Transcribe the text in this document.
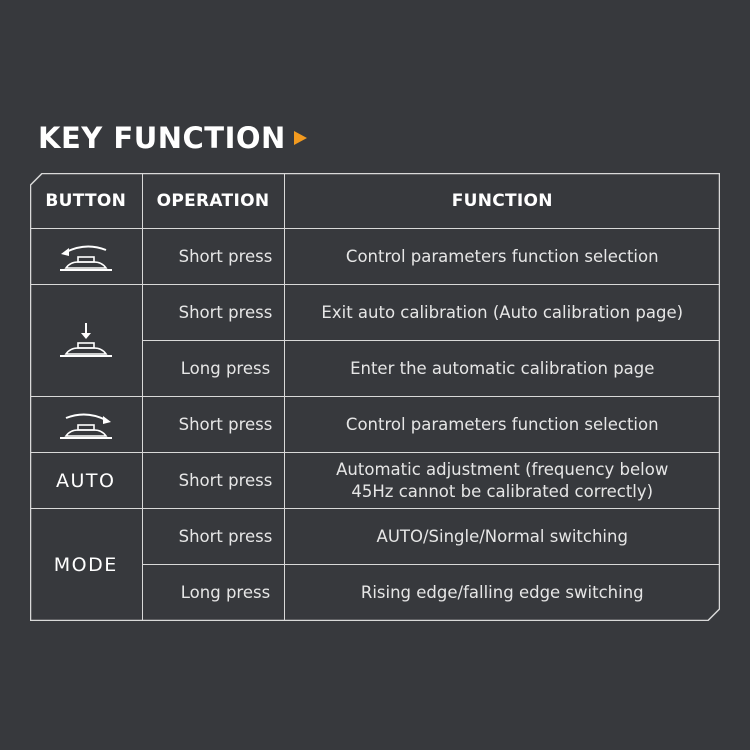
KEY FUNCTION
BUTTON	OPERATION	FUNCTION

	Short press	Control parameters function selection

	Short press	Exit auto calibration (Auto calibration page)
	Long press	Enter the automatic calibration page

	Short press	Control parameters function selection
AUTO	Short press	Automatic adjustment (frequency below
45Hz cannot be calibrated correctly)

MODE	Short press	AUTO/Single/Normal switching
	Long press	Rising edge/falling edge switching
